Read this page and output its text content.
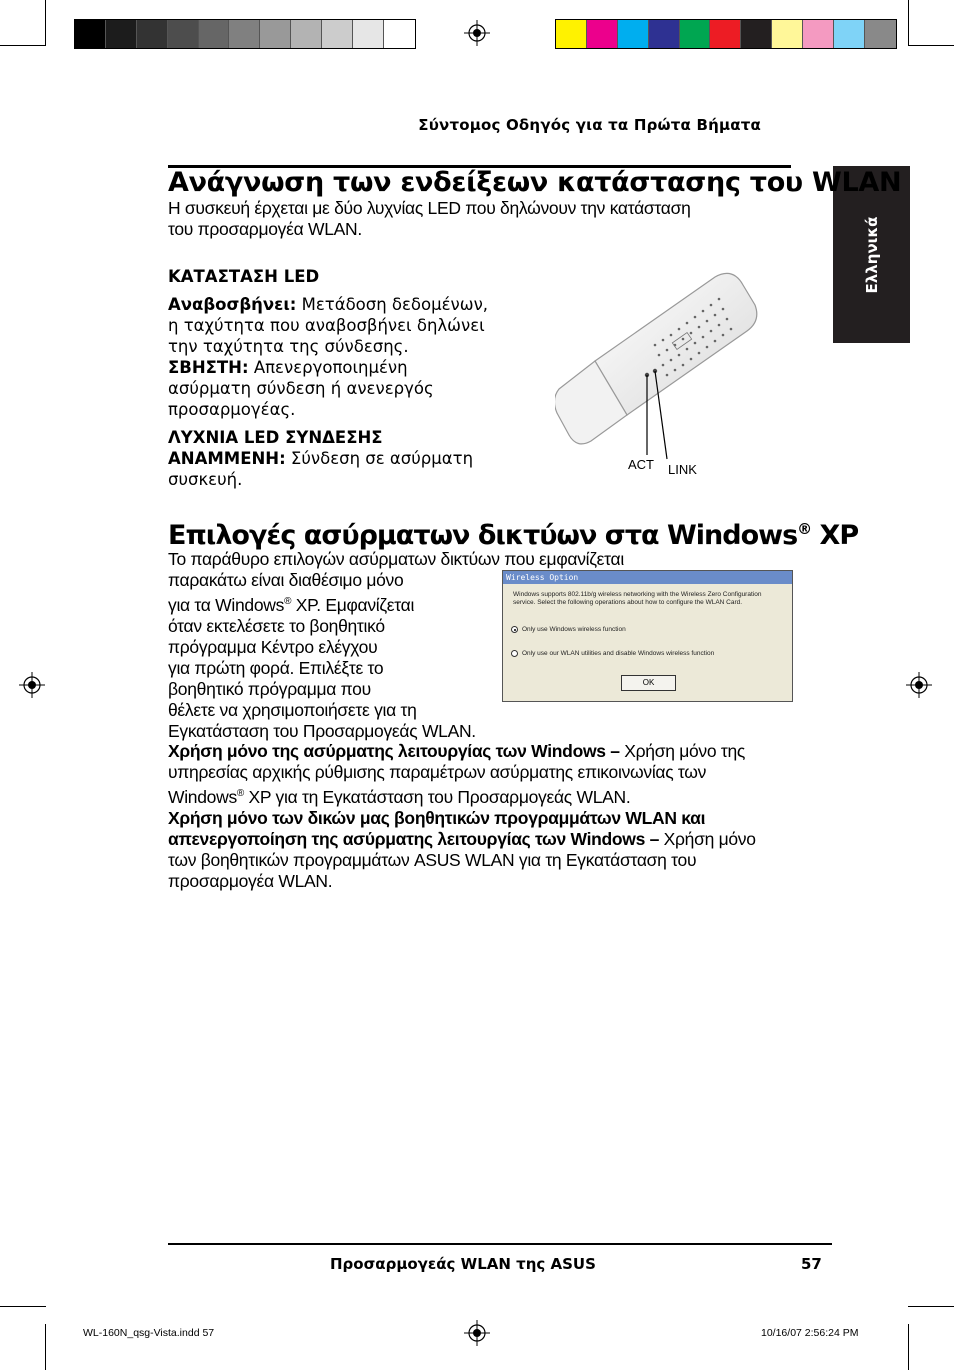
Σύντομος Οδηγός για τα Πρώτα Βήματα
Ελληνικά
Ανάγνωση των ενδείξεων κατάστασης του WLAN
Η συσκευή έρχεται με δύο λυχνίας LED που δηλώνουν την κατάσταση
του προσαρμογέα WLAN.
ΚΑΤΑΣΤΑΣΗ LED
Αναβοσβήνει: Μετάδοση δεδομένων,
η ταχύτητα που αναβοσβήνει δηλώνει
την ταχύτητα της σύνδεσης.
ΣΒΗΣΤΗ: Απενεργοποιημένη
ασύρματη σύνδεση ή ανενεργός
προσαρμογέας.
ΛΥΧΝΙΑ LED ΣΥΝΔΕΣΗΣ
ΑΝΑΜΜΕΝΗ: Σύνδεση σε ασύρματη
συσκευή.
ACT LINK
Επιλογές ασύρματων δικτύων στα Windows® XP
Το παράθυρο επιλογών ασύρματων δικτύων που εμφανίζεται
παρακάτω είναι διαθέσιμο μόνο
για τα Windows® XP. Εμφανίζεται
όταν εκτελέσετε το βοηθητικό
πρόγραμμα Κέντρο ελέγχου
για πρώτη φορά. Επιλέξτε το
βοηθητικό πρόγραμμα που
θέλετε να χρησιμοποιήσετε για τη
Εγκατάσταση του Προσαρμογεάς WLAN.
Wireless Option
Windows supports 802.11b/g wireless networking with the Wireless Zero Configuration
service. Select the following operations about how to configure the WLAN Card.
Only use Windows wireless function
Only use our WLAN utilities and disable Windows wireless function
OK
Χρήση μόνο της ασύρματης λειτουργίας των Windows – Χρήση μόνο της
υπηρεσίας αρχικής ρύθμισης παραμέτρων ασύρματης επικοινωνίας των
Windows® XP για τη Εγκατάσταση του Προσαρμογεάς WLAN.
Χρήση μόνο των δικών μας βοηθητικών προγραμμάτων WLAN και
απενεργοποίηση της ασύρματης λειτουργίας των Windows – Χρήση μόνο
των βοηθητικών προγραμμάτων ASUS WLAN για τη Εγκατάσταση του
προσαρμογέα WLAN.
Προσαρμογεάς WLAN της ASUS	57
WL-160N_qsg-Vista.indd 57	10/16/07 2:56:24 PM
